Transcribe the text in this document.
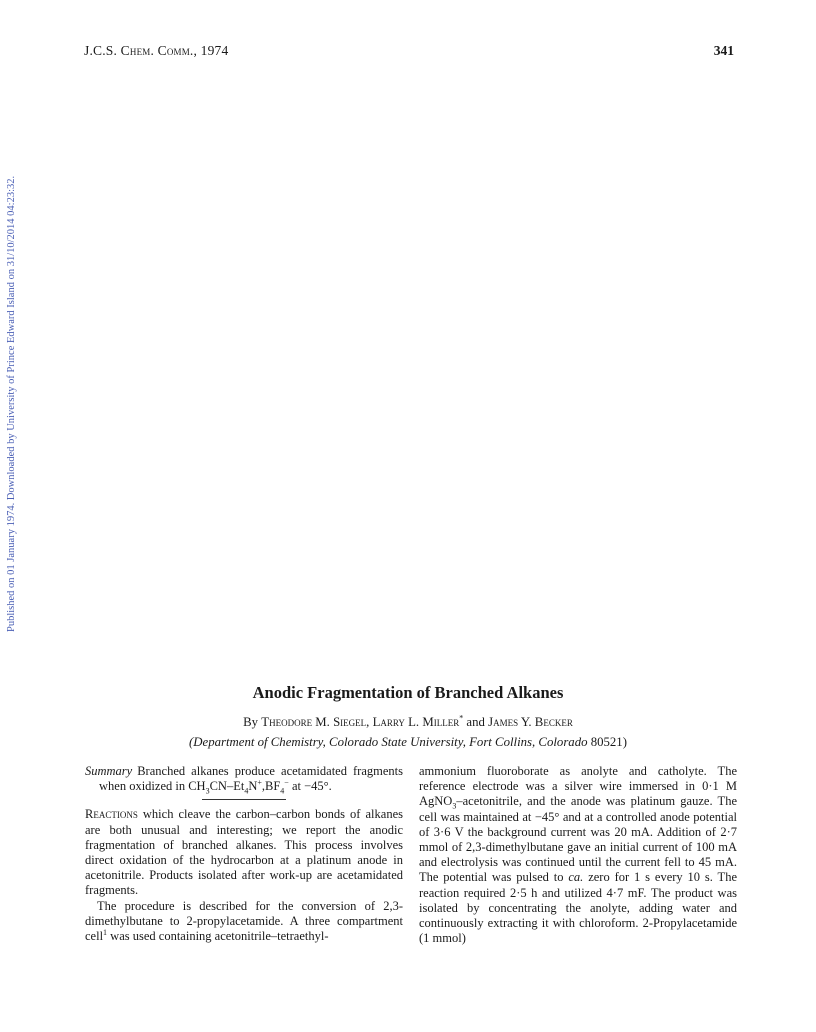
J.C.S. Chem. Comm., 1974	341
Published on 01 January 1974. Downloaded by University of Prince Edward Island on 31/10/2014 04:23:32.
Anodic Fragmentation of Branched Alkanes
By Theodore M. Siegel, Larry L. Miller* and James Y. Becker
(Department of Chemistry, Colorado State University, Fort Collins, Colorado 80521)

Summary Branched alkanes produce acetamidated fragments when oxidized in $CH_3CN-Et_4N^+,BF_4^-$ at −45°.

Reactions which cleave the carbon–carbon bonds of alkanes are both unusual and interesting; we report the anodic fragmentation of branched alkanes. This process involves direct oxidation of the hydrocarbon at a platinum anode in acetonitrile. Products isolated after work-up are acetamidated fragments.

The procedure is described for the conversion of 2,3-dimethylbutane to 2-propylacetamide. A three compartment cell$^1$ was used containing acetonitrile–tetraethyl-

ammonium fluoroborate as anolyte and catholyte. The reference electrode was a silver wire immersed in 0·1 M AgNO$_3$–acetonitrile, and the anode was platinum gauze. The cell was maintained at −45° and at a controlled anode potential of 3·6 V the background current was 20 mA. Addition of 2·7 mmol of 2,3-dimethylbutane gave an initial current of 100 mA and electrolysis was continued until the current fell to 45 mA. The potential was pulsed to ca. zero for 1 s every 10 s. The reaction required 2·5 h and utilized 4·7 mF. The product was isolated by concentrating the anolyte, adding water and continuously extracting it with chloroform. 2-Propylacetamide (1 mmol)
